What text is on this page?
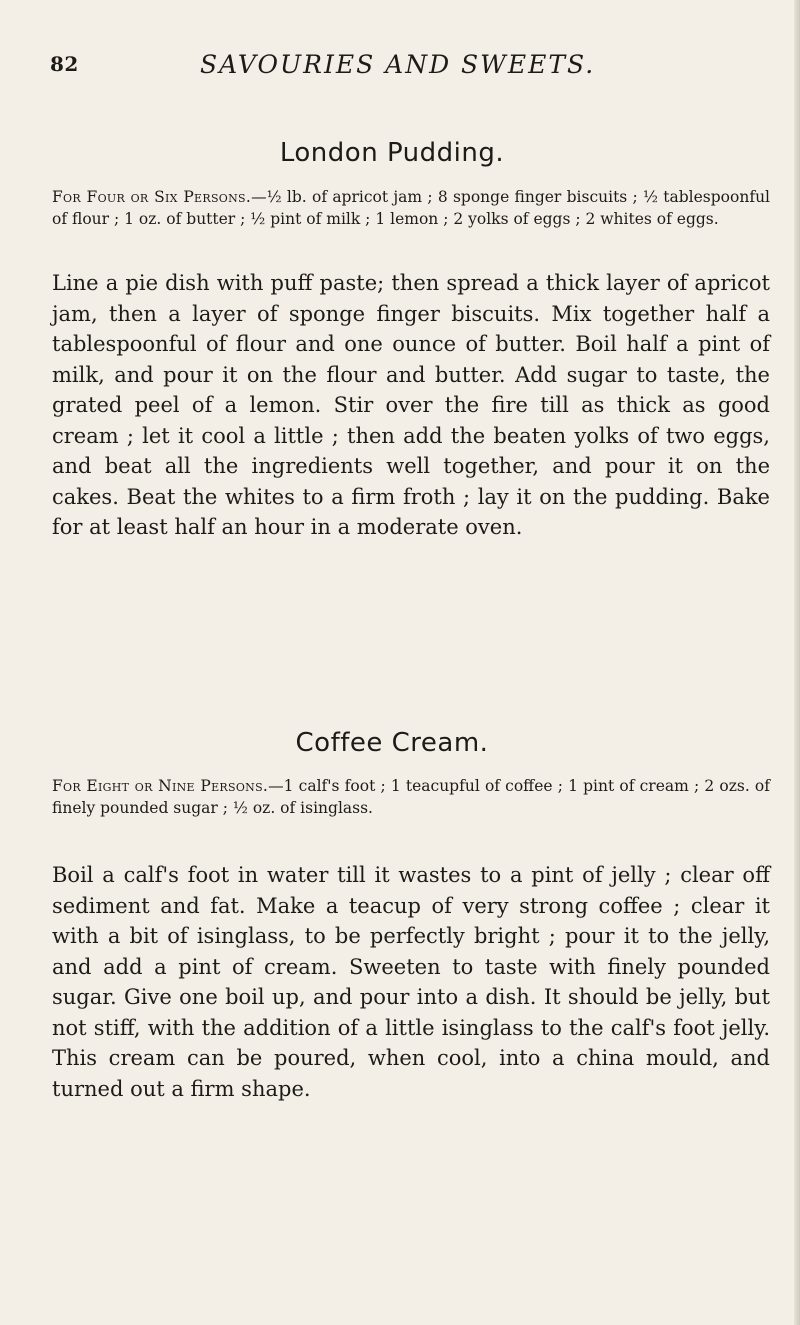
82	SAVOURIES AND SWEETS.
London Pudding.

For Four or Six Persons.—½ lb. of apricot jam ; 8 sponge finger biscuits ; ½ tablespoonful of flour ; 1 oz. of butter ; ½ pint of milk ; 1 lemon ; 2 yolks of eggs ; 2 whites of eggs.

Line a pie dish with puff paste; then spread a thick layer of apricot jam, then a layer of sponge finger biscuits. Mix together half a tablespoonful of flour and one ounce of butter. Boil half a pint of milk, and pour it on the flour and butter. Add sugar to taste, the grated peel of a lemon. Stir over the fire till as thick as good cream ; let it cool a little ; then add the beaten yolks of two eggs, and beat all the ingredients well together, and pour it on the cakes. Beat the whites to a firm froth ; lay it on the pudding. Bake for at least half an hour in a moderate oven.

Coffee Cream.

For Eight or Nine Persons.—1 calf's foot ; 1 teacupful of coffee ; 1 pint of cream ; 2 ozs. of finely pounded sugar ; ½ oz. of isinglass.

Boil a calf's foot in water till it wastes to a pint of jelly ; clear off sediment and fat. Make a teacup of very strong coffee ; clear it with a bit of isinglass, to be perfectly bright ; pour it to the jelly, and add a pint of cream. Sweeten to taste with finely pounded sugar. Give one boil up, and pour into a dish. It should be jelly, but not stiff, with the addition of a little isinglass to the calf's foot jelly. This cream can be poured, when cool, into a china mould, and turned out a firm shape.
